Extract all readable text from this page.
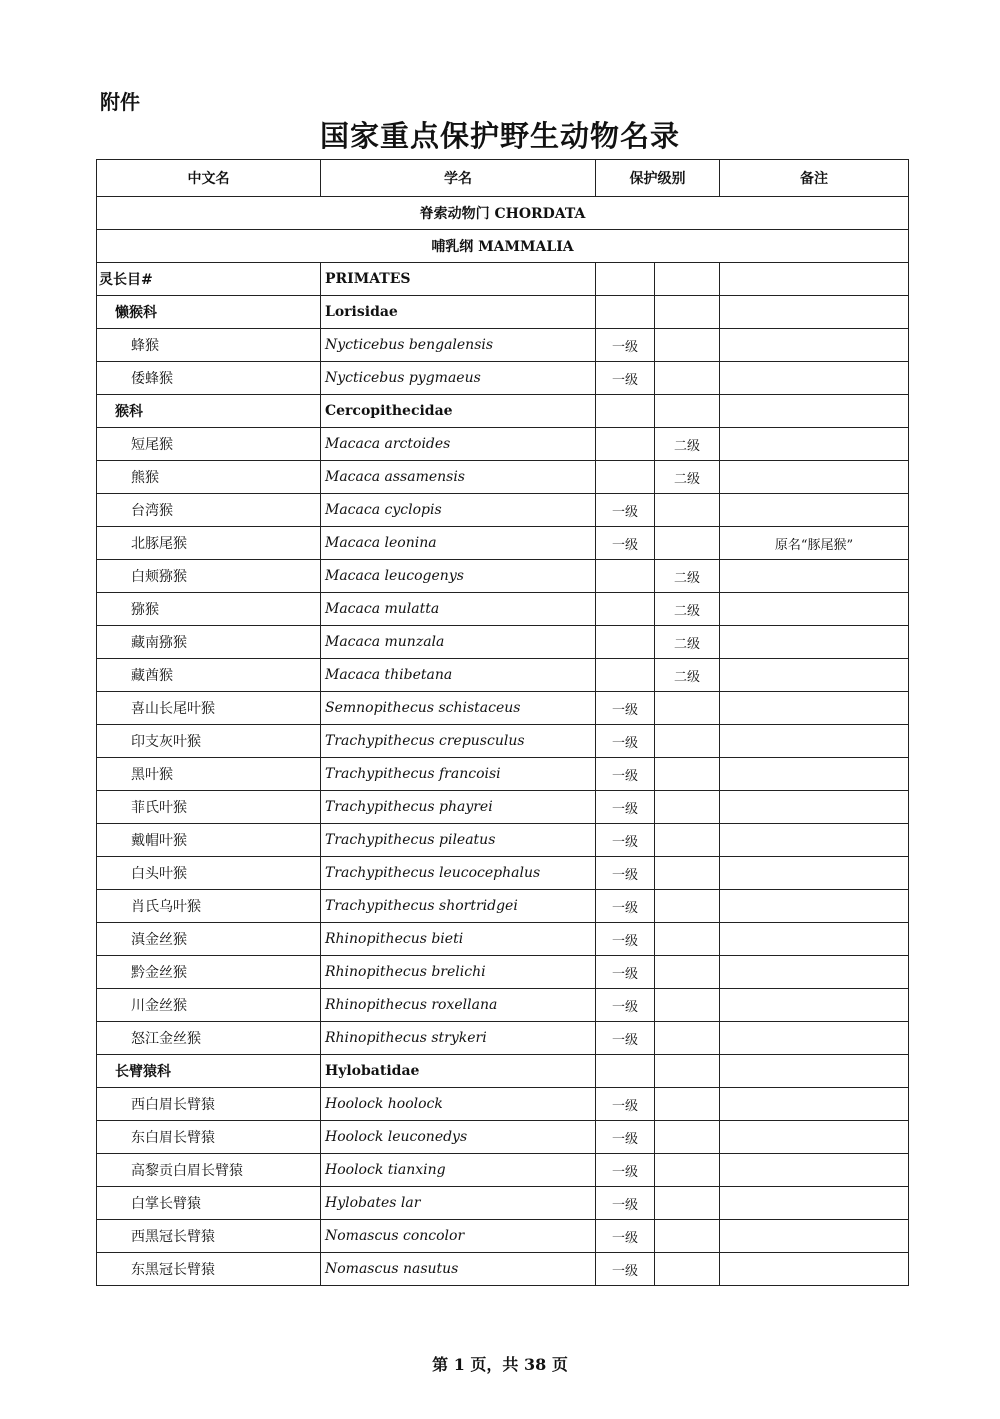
附件
国家重点保护野生动物名录
中文名	学名	保护级别		备注
脊索动物门 CHORDATA				
哺乳纲 MAMMALIA				
灵长目#	PRIMATES			
懒猴科	Lorisidae			
蜂猴	Nycticebus bengalensis	一级		
倭蜂猴	Nycticebus pygmaeus	一级		
猴科	Cercopithecidae			
短尾猴	Macaca arctoides		二级	
熊猴	Macaca assamensis		二级	
台湾猴	Macaca cyclopis	一级		
北豚尾猴	Macaca leonina	一级		原名“豚尾猴”
白颊猕猴	Macaca leucogenys		二级	
猕猴	Macaca mulatta		二级	
藏南猕猴	Macaca munzala		二级	
藏酋猴	Macaca thibetana		二级	
喜山长尾叶猴	Semnopithecus schistaceus	一级		
印支灰叶猴	Trachypithecus crepusculus	一级		
黑叶猴	Trachypithecus francoisi	一级		
菲氏叶猴	Trachypithecus phayrei	一级		
戴帽叶猴	Trachypithecus pileatus	一级		
白头叶猴	Trachypithecus leucocephalus	一级		
肖氏乌叶猴	Trachypithecus shortridgei	一级		
滇金丝猴	Rhinopithecus bieti	一级		
黔金丝猴	Rhinopithecus brelichi	一级		
川金丝猴	Rhinopithecus roxellana	一级		
怒江金丝猴	Rhinopithecus strykeri	一级		
长臂猿科	Hylobatidae			
西白眉长臂猿	Hoolock hoolock	一级		
东白眉长臂猿	Hoolock leuconedys	一级		
高黎贡白眉长臂猿	Hoolock tianxing	一级		
白掌长臂猿	Hylobates lar	一级		
西黑冠长臂猿	Nomascus concolor	一级		
东黑冠长臂猿	Nomascus nasutus	一级		
第 1 页，共 38 页
